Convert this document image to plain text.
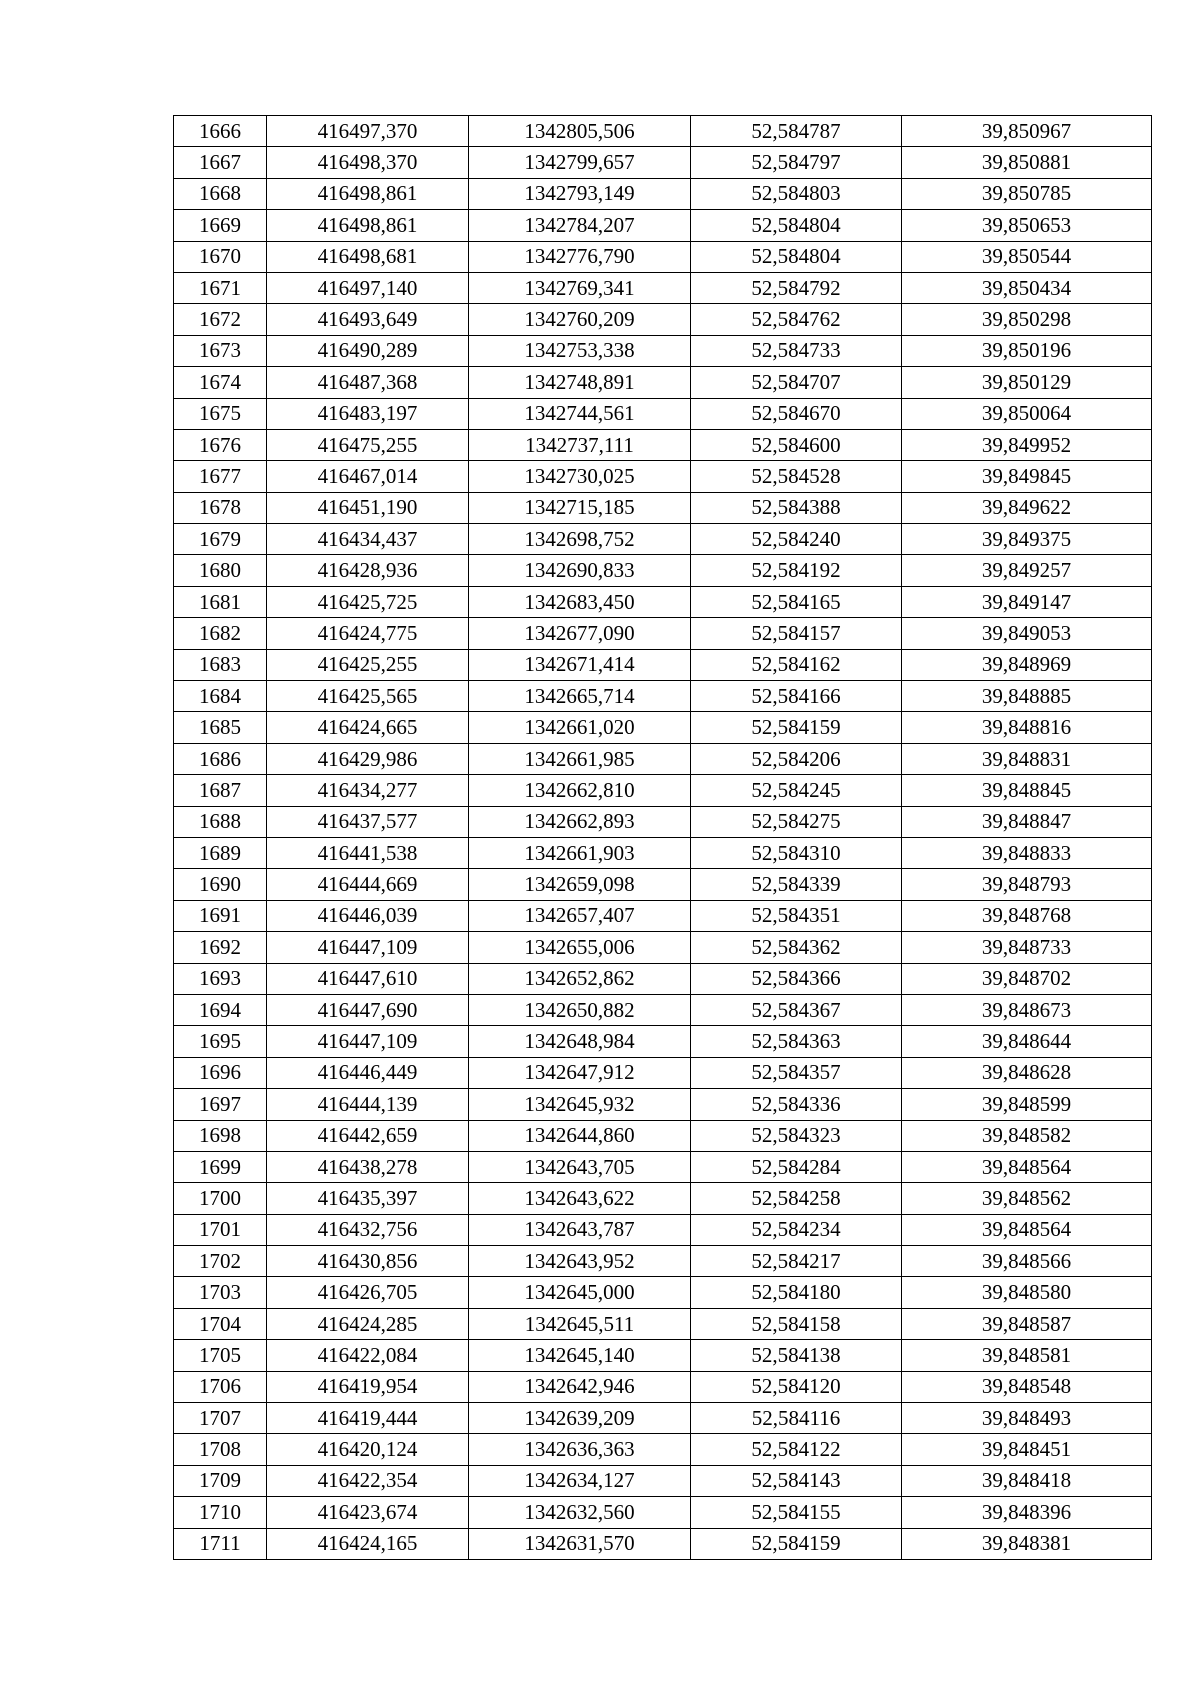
1666	416497,370	1342805,506	52,584787	39,850967
1667	416498,370	1342799,657	52,584797	39,850881
1668	416498,861	1342793,149	52,584803	39,850785
1669	416498,861	1342784,207	52,584804	39,850653
1670	416498,681	1342776,790	52,584804	39,850544
1671	416497,140	1342769,341	52,584792	39,850434
1672	416493,649	1342760,209	52,584762	39,850298
1673	416490,289	1342753,338	52,584733	39,850196
1674	416487,368	1342748,891	52,584707	39,850129
1675	416483,197	1342744,561	52,584670	39,850064
1676	416475,255	1342737,111	52,584600	39,849952
1677	416467,014	1342730,025	52,584528	39,849845
1678	416451,190	1342715,185	52,584388	39,849622
1679	416434,437	1342698,752	52,584240	39,849375
1680	416428,936	1342690,833	52,584192	39,849257
1681	416425,725	1342683,450	52,584165	39,849147
1682	416424,775	1342677,090	52,584157	39,849053
1683	416425,255	1342671,414	52,584162	39,848969
1684	416425,565	1342665,714	52,584166	39,848885
1685	416424,665	1342661,020	52,584159	39,848816
1686	416429,986	1342661,985	52,584206	39,848831
1687	416434,277	1342662,810	52,584245	39,848845
1688	416437,577	1342662,893	52,584275	39,848847
1689	416441,538	1342661,903	52,584310	39,848833
1690	416444,669	1342659,098	52,584339	39,848793
1691	416446,039	1342657,407	52,584351	39,848768
1692	416447,109	1342655,006	52,584362	39,848733
1693	416447,610	1342652,862	52,584366	39,848702
1694	416447,690	1342650,882	52,584367	39,848673
1695	416447,109	1342648,984	52,584363	39,848644
1696	416446,449	1342647,912	52,584357	39,848628
1697	416444,139	1342645,932	52,584336	39,848599
1698	416442,659	1342644,860	52,584323	39,848582
1699	416438,278	1342643,705	52,584284	39,848564
1700	416435,397	1342643,622	52,584258	39,848562
1701	416432,756	1342643,787	52,584234	39,848564
1702	416430,856	1342643,952	52,584217	39,848566
1703	416426,705	1342645,000	52,584180	39,848580
1704	416424,285	1342645,511	52,584158	39,848587
1705	416422,084	1342645,140	52,584138	39,848581
1706	416419,954	1342642,946	52,584120	39,848548
1707	416419,444	1342639,209	52,584116	39,848493
1708	416420,124	1342636,363	52,584122	39,848451
1709	416422,354	1342634,127	52,584143	39,848418
1710	416423,674	1342632,560	52,584155	39,848396
1711	416424,165	1342631,570	52,584159	39,848381
